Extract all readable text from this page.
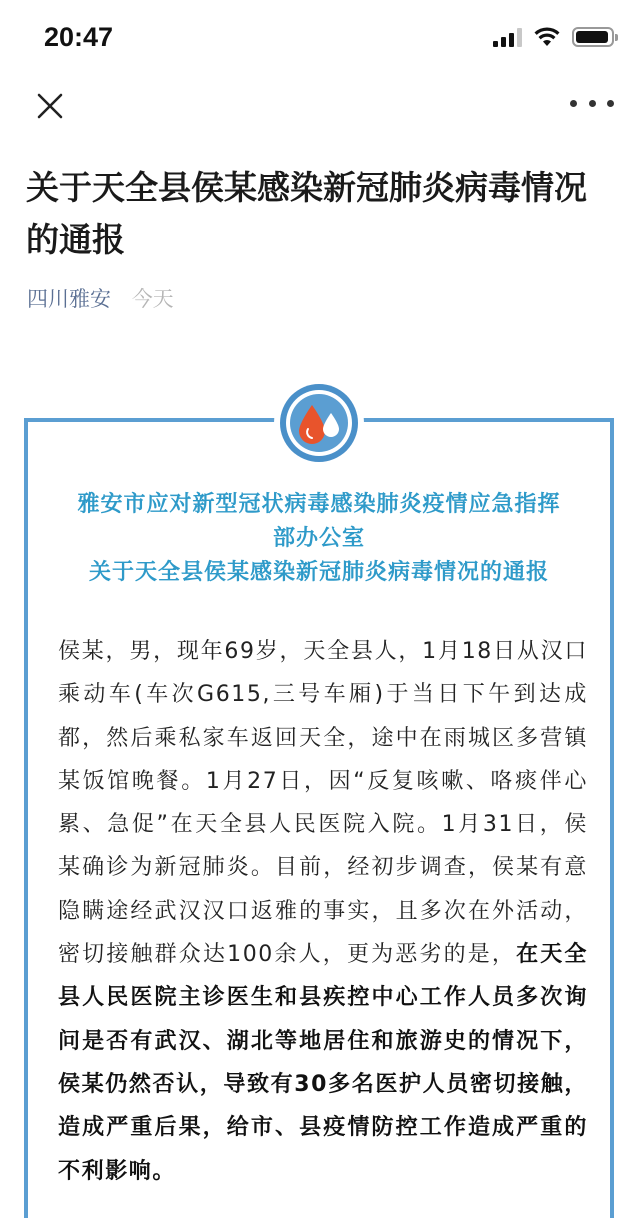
20:47
关于天全县侯某感染新冠肺炎病毒情况的通报
四川雅安 今天
雅安市应对新型冠状病毒感染肺炎疫情应急指挥
部办公室
关于天全县侯某感染新冠肺炎病毒情况的通报

侯某，男，现年69岁，天全县人，1月18日从汉口乘动车(车次G615,三号车厢)于当日下午到达成都，然后乘私家车返回天全，途中在雨城区多营镇某饭馆晚餐。1月27日，因“反复咳嗽、咯痰伴心累、急促”在天全县人民医院入院。1月31日，侯某确诊为新冠肺炎。目前，经初步调查，侯某有意隐瞒途经武汉汉口返雅的事实，且多次在外活动，密切接触群众达100余人，更为恶劣的是，在天全县人民医院主诊医生和县疾控中心工作人员多次询问是否有武汉、湖北等地居住和旅游史的情况下，侯某仍然否认，导致有30多名医护人员密切接触，造成严重后果，给市、县疫情防控工作造成严重的不利影响。
